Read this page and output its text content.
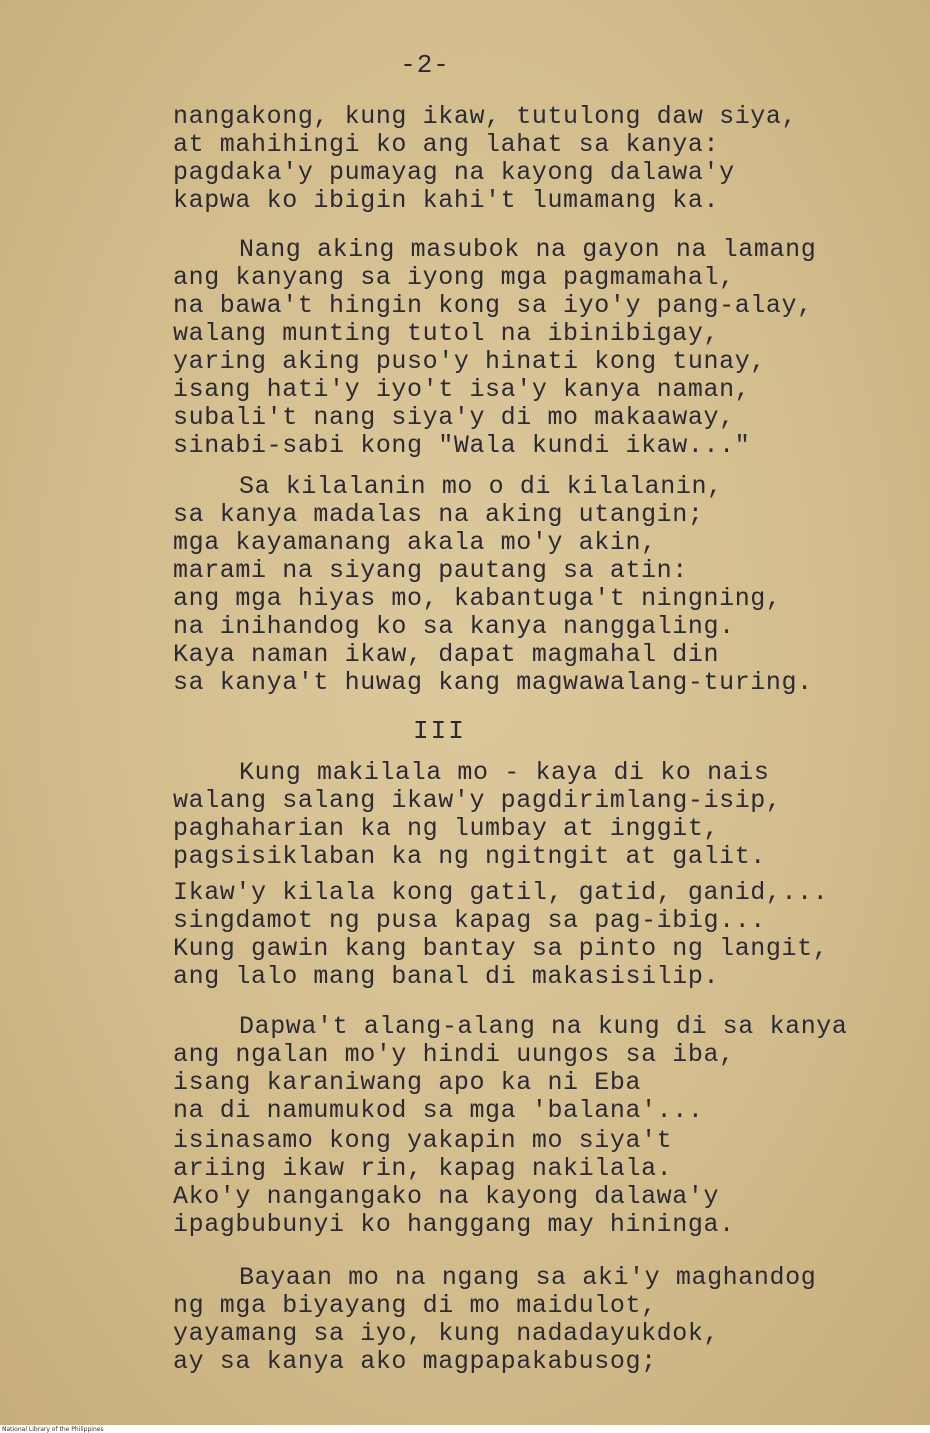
-2-
nangakong, kung ikaw, tutulong daw siya,
at mahihingi ko ang lahat sa kanya:
pagdaka'y pumayag na kayong dalawa'y
kapwa ko ibigin kahi't lumamang ka.
Nang aking masubok na gayon na lamang
ang kanyang sa iyong mga pagmamahal,
na bawa't hingin kong sa iyo'y pang-alay,
walang munting tutol na ibinibigay,
yaring aking puso'y hinati kong tunay,
isang hati'y iyo't isa'y kanya naman,
subali't nang siya'y di mo makaaway,
sinabi-sabi kong "Wala kundi ikaw..."
Sa kilalanin mo o di kilalanin,
sa kanya madalas na aking utangin;
mga kayamanang akala mo'y akin,
marami na siyang pautang sa atin:
ang mga hiyas mo, kabantuga't ningning,
na inihandog ko sa kanya nanggaling.
Kaya naman ikaw, dapat magmahal din
sa kanya't huwag kang magwawalang-turing.
Kung makilala mo - kaya di ko nais
walang salang ikaw'y pagdirimlang-isip,
paghaharian ka ng lumbay at inggit,
pagsisiklaban ka ng ngitngit at galit.
Ikaw'y kilala kong gatil, gatid, ganid,...
singdamot ng pusa kapag sa pag-ibig...
Kung gawin kang bantay sa pinto ng langit,
ang lalo mang banal di makasisilip.
Dapwa't alang-alang na kung di sa kanya
ang ngalan mo'y hindi uungos sa iba,
isang karaniwang apo ka ni Eba
na di namumukod sa mga 'balana'...
isinasamo kong yakapin mo siya't
ariing ikaw rin, kapag nakilala.
Ako'y nangangako na kayong dalawa'y
ipagbubunyi ko hanggang may hininga.
Bayaan mo na ngang sa aki'y maghandog
ng mga biyayang di mo maidulot,
yayamang sa iyo, kung nadadayukdok,
ay sa kanya ako magpapakabusog;
III
National Library of the Philippines
